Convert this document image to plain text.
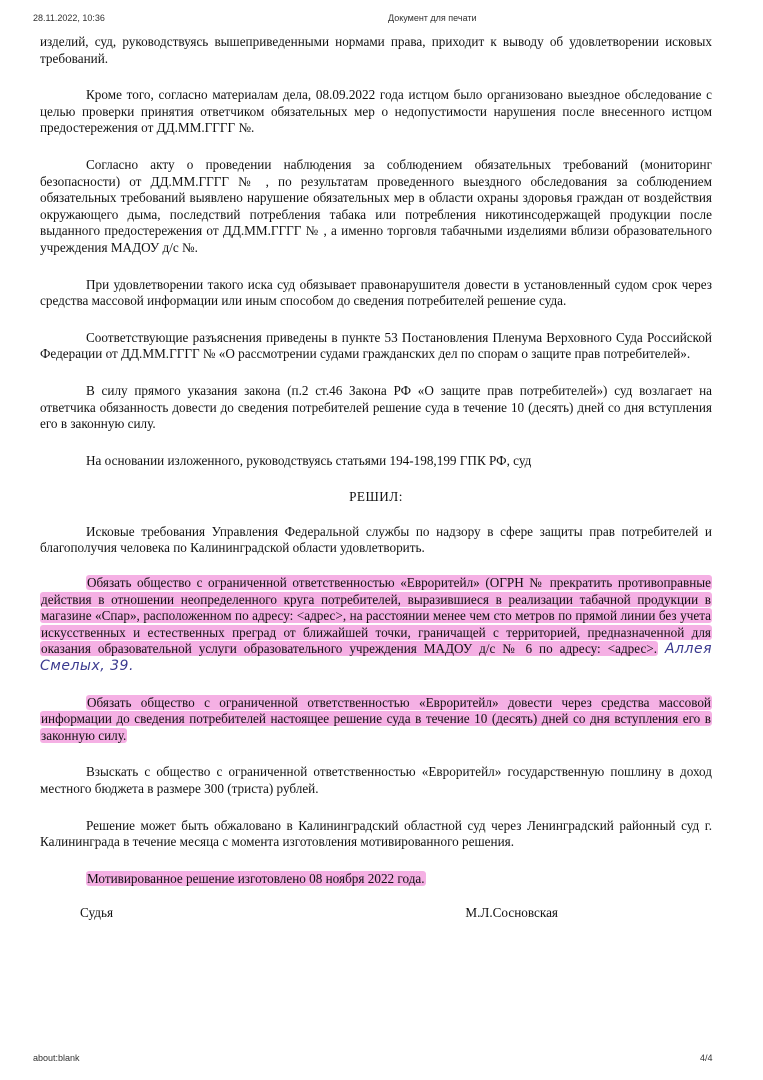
28.11.2022, 10:36	Документ для печати

изделий, суд, руководствуясь вышеприведенными нормами права, приходит к выводу об удовлетворении исковых требований.

Кроме того, согласно материалам дела, 08.09.2022 года истцом было организовано выездное обследование с целью проверки принятия ответчиком обязательных мер о недопустимости нарушения после внесенного истцом предостережения от ДД.ММ.ГГГГ №.

Согласно акту о проведении наблюдения за соблюдением обязательных требований (мониторинг безопасности) от ДД.ММ.ГГГГ № , по результатам проведенного выездного обследования за соблюдением обязательных требований выявлено нарушение обязательных мер в области охраны здоровья граждан от воздействия окружающего дыма, последствий потребления табака или потребления никотинсодержащей продукции после выданного предостережения от ДД.ММ.ГГГГ № , а именно торговля табачными изделиями вблизи образовательного учреждения МАДОУ д/с №.

При удовлетворении такого иска суд обязывает правонарушителя довести в установленный судом срок через средства массовой информации или иным способом до сведения потребителей решение суда.

Соответствующие разъяснения приведены в пункте 53 Постановления Пленума Верховного Суда Российской Федерации от ДД.ММ.ГГГГ № «О рассмотрении судами гражданских дел по спорам о защите прав потребителей».

В силу прямого указания закона (п.2 ст.46 Закона РФ «О защите прав потребителей») суд возлагает на ответчика обязанность довести до сведения потребителей решение суда в течение 10 (десять) дней со дня вступления его в законную силу.

На основании изложенного, руководствуясь статьями 194-198,199 ГПК РФ, суд

РЕШИЛ:

Исковые требования Управления Федеральной службы по надзору в сфере защиты прав потребителей и благополучия человека по Калининградской области удовлетворить.

Обязать общество с ограниченной ответственностью «Евроритейл» (ОГРН № прекратить противоправные действия в отношении неопределенного круга потребителей, выразившиеся в реализации табачной продукции в магазине «Спар», расположенном по адресу: <адрес>, на расстоянии менее чем сто метров по прямой линии без учета искусственных и естественных преград от ближайшей точки, граничащей с территорией, предназначенной для оказания образовательной услуги образовательного учреждения МАДОУ д/с № 6 по адресу: <адрес>. Аллея Смелых, 39.

Обязать общество с ограниченной ответственностью «Евроритейл» довести через средства массовой информации до сведения потребителей настоящее решение суда в течение 10 (десять) дней со дня вступления его в законную силу.

Взыскать с общество с ограниченной ответственностью «Евроритейл» государственную пошлину в доход местного бюджета в размере 300 (триста) рублей.

Решение может быть обжаловано в Калининградский областной суд через Ленинградский районный суд г. Калининграда в течение месяца с момента изготовления мотивированного решения.

Мотивированное решение изготовлено 08 ноября 2022 года.

Судья	М.Л.Сосновская
about:blank	4/4
